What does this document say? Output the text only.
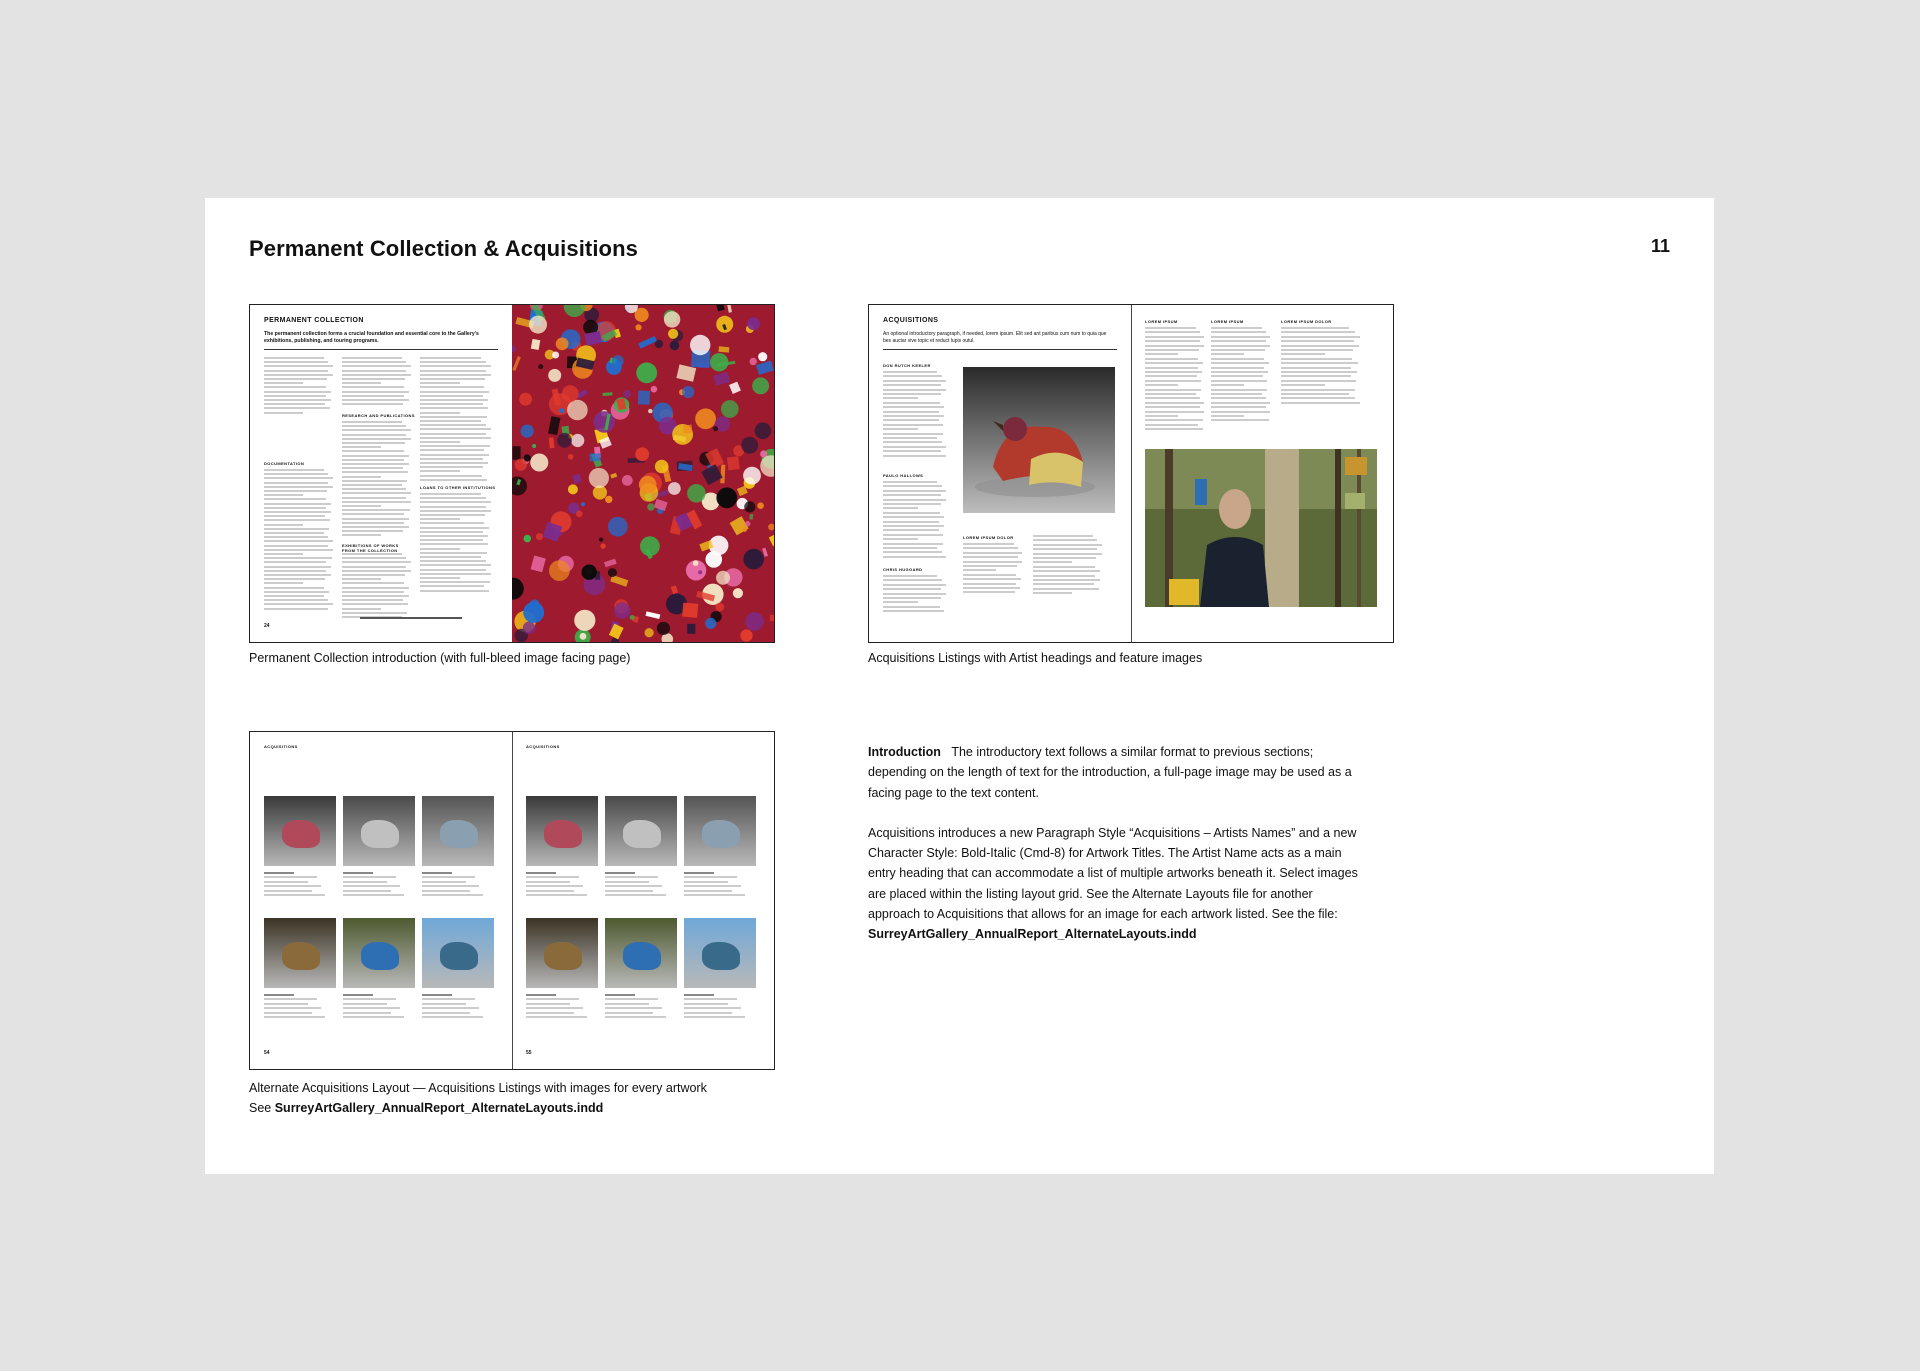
Permanent Collection & Acquisitions	11
PERMANENT COLLECTION
The permanent collection forms a crucial foundation and essential core to the Gallery's exhibitions, publishing, and touring programs.
DOCUMENTATION
RESEARCH AND PUBLICATIONS
EXHIBITIONS OF WORKS FROM THE COLLECTION
LOANS TO OTHER INSTITUTIONS
24
Permanent Collection introduction (with full-bleed image facing page)
ACQUISITIONS
An optional introductory paragraph, if needed, lorem ipsum. Elit sed ant paribus cum num to quia que bes auctar vive topic et reduct lupis outul.
DON RUTCH KEELER
PAULO HALLOWS
CHRIS HUGGARD
LOREM IPSUM DOLOR
LOREM IPSUM	LOREM IPSUM	LOREM IPSUM DOLOR
Acquisitions Listings with Artist headings and feature images
ACQUISITIONS
54
ACQUISITIONS
55
Alternate Acquisitions Layout — Acquisitions Listings with images for every artwork
See SurreyArtGallery_AnnualReport_AlternateLayouts.indd

Introduction The introductory text follows a similar format to previous sections; depending on the length of text for the introduction, a full-page image may be used as a facing page to the text content.

Acquisitions introduces a new Paragraph Style “Acquisitions – Artists Names” and a new Character Style: Bold-Italic (Cmd-8) for Artwork Titles. The Artist Name acts as a main entry heading that can accommodate a list of multiple artworks beneath it. Select images are placed within the listing layout grid. See the Alternate Layouts file for another approach to Acquisitions that allows for an image for each artwork listed. See the file: SurreyArtGallery_AnnualReport_AlternateLayouts.indd
